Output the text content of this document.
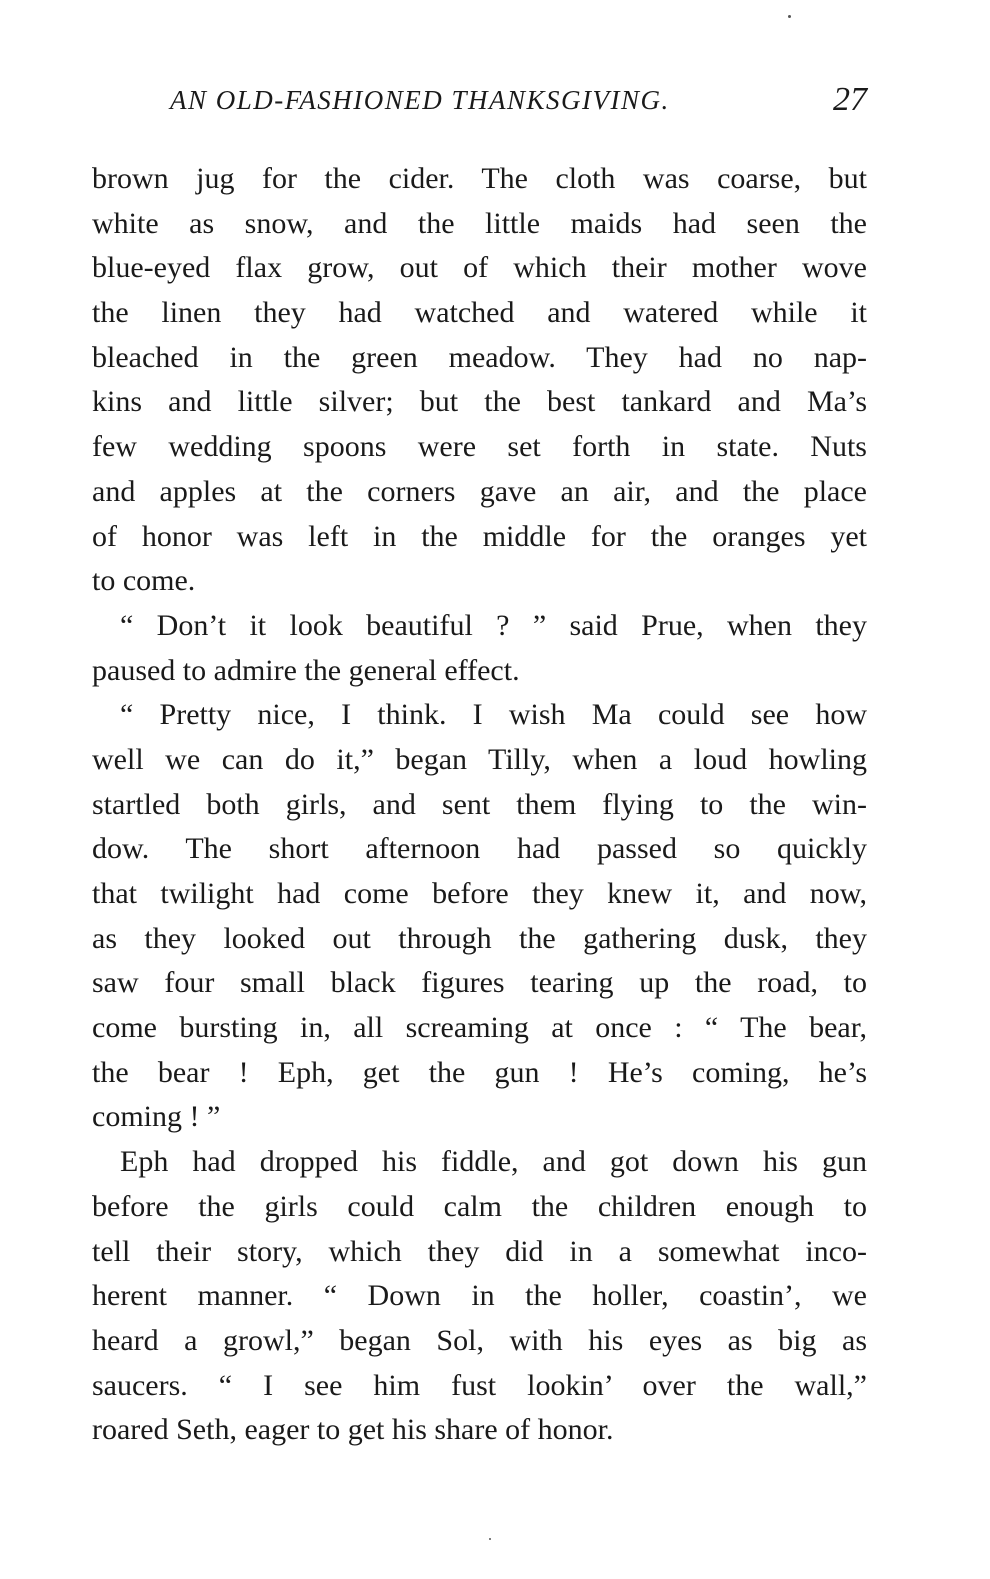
AN OLD-FASHIONED THANKSGIVING.	27
brown jug for the cider. The cloth was coarse, but
white as snow, and the little maids had seen the
blue-eyed flax grow, out of which their mother wove
the linen they had watched and watered while it
bleached in the green meadow. They had no nap-
kins and little silver; but the best tankard and Ma’s
few wedding spoons were set forth in state. Nuts
and apples at the corners gave an air, and the place
of honor was left in the middle for the oranges yet
to come.
“ Don’t it look beautiful ? ” said Prue, when they
paused to admire the general effect.
“ Pretty nice, I think. I wish Ma could see how
well we can do it,” began Tilly, when a loud howling
startled both girls, and sent them flying to the win-
dow. The short afternoon had passed so quickly
that twilight had come before they knew it, and now,
as they looked out through the gathering dusk, they
saw four small black figures tearing up the road, to
come bursting in, all screaming at once : “ The bear,
the bear ! Eph, get the gun ! He’s coming, he’s
coming ! ”
Eph had dropped his fiddle, and got down his gun
before the girls could calm the children enough to
tell their story, which they did in a somewhat inco-
herent manner. “ Down in the holler, coastin’, we
heard a growl,” began Sol, with his eyes as big as
saucers. “ I see him fust lookin’ over the wall,”
roared Seth, eager to get his share of honor.
